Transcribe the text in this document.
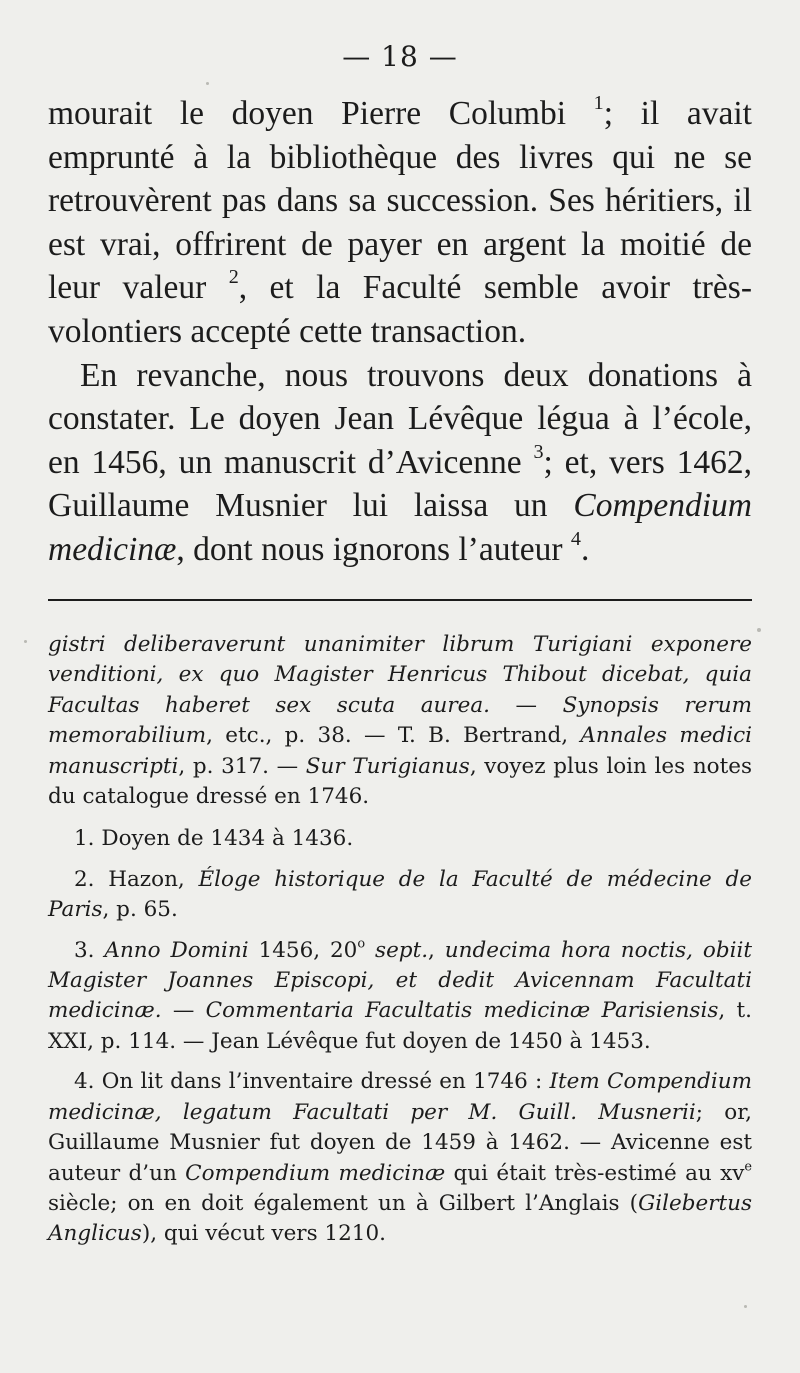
— 18 —

mourait le doyen Pierre Columbi $^1$; il avait emprunté à la bibliothèque des livres qui ne se retrouvèrent pas dans sa succession. Ses héritiers, il est vrai, offrirent de payer en argent la moitié de leur valeur $^2$, et la Faculté semble avoir très-volontiers accepté cette transaction.

En revanche, nous trouvons deux donations à constater. Le doyen Jean Lévêque légua à l’école, en 1456, un manuscrit d’Avicenne $^3$; et, vers 1462, Guillaume Musnier lui laissa un Compendium medicinæ, dont nous ignorons l’auteur $^4$.

gistri deliberaverunt unanimiter librum Turigiani exponere venditioni, ex quo Magister Henricus Thibout dicebat, quia Facultas haberet sex scuta aurea. — Synopsis rerum memorabilium, etc., p. 38. — T. B. Bertrand, Annales medici manuscripti, p. 317. — Sur Turigianus, voyez plus loin les notes du catalogue dressé en 1746.

1. Doyen de 1434 à 1436.

2. Hazon, Éloge historique de la Faculté de médecine de Paris, p. 65.

3. Anno Domini 1456, 20$^o$ sept., undecima hora noctis, obiit Magister Joannes Episcopi, et dedit Avicennam Facultati medicinæ. — Commentaria Facultatis medicinæ Parisiensis, t. XXI, p. 114. — Jean Lévêque fut doyen de 1450 à 1453.

4. On lit dans l’inventaire dressé en 1746 : Item Compendium medicinæ, legatum Facultati per M. Guill. Musnerii; or, Guillaume Musnier fut doyen de 1459 à 1462. — Avicenne est auteur d’un Compendium medicinæ qui était très-estimé au $xv^e$ siècle; on en doit également un à Gilbert l’Anglais (Gilebertus Anglicus), qui vécut vers 1210.
